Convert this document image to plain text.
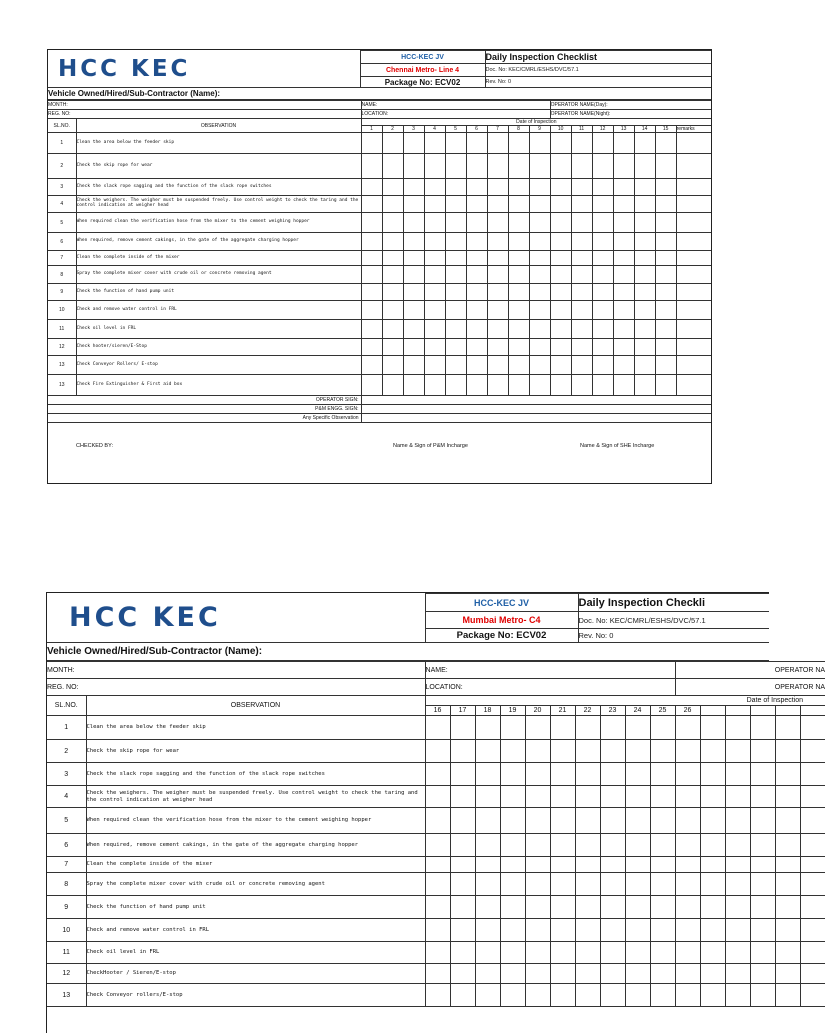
HCC KEC	HCC-KEC JV	Daily Inspection Checklist
	Chennai Metro- Line 4	Doc. No: KEC/CMRL/ESHS/DVC/57.1
	Package No: ECV02	Rev. No: 0
Vehicle Owned/Hired/Sub-Contractor (Name):
MONTH:		NAME:									OPERATOR NAME(Day):						
REG. NO:		LOCATION:									OPERATOR NAME(Night):						
SL.NO.	OBSERVATION	Date of Inspection															
		1	2	3	4	5	6	7	8	9	10	11	12	13	14	15	remarks
1	Clean the area below the feeder skip																
2	Check the skip rope for wear																
3	Check the slack rope sagging and the function of the slack rope switches																
4	Check the weighers. The weigher must be suspended freely. Use control weight to check the taring and the control indication at weigher head																
5	When required clean the verification hose from the mixer to the cement weighing hopper																
6	When required, remove cement cakings, in the gate of the aggregate charging hopper																
7	Clean the complete inside of the mixer																
8	Spray the complete mixer cover with crude oil or concrete removing agent																
9	Check the function of hand pump unit																
10	Check and remove water control in FRL																
11	Check oil level in FRL																
12	Check hooter/sieren/E-Stop																
13	Check Conveyor Rollers/ E-stop																
13	Check Fire Extinguisher & First aid box																
OPERATOR SIGN:																	
P&M ENGG. SIGN:																	
Any Specific Observation																	
CHECKED BY:	Name & Sign of P&M Incharge	Name & Sign of SHE Incharge
HCC KEC	HCC-KEC JV	Daily Inspection Checkli
	Mumbai Metro- C4	Doc. No: KEC/CMRL/ESHS/DVC/57.1
	Package No: ECV02	Rev. No: 0
Vehicle Owned/Hired/Sub-Contractor (Name):
MONTH:		NAME:										OPERATOR NA					
REG. NO:		LOCATION:										OPERATOR NA					
SL.NO.	OBSERVATION	Date of Inspection															
		16	17	18	19	20	21	22	23	24	25	26					
1	Clean the area below the feeder skip																
2	Check the skip rope for wear																
3	Check the slack rope sagging and the function of the slack rope switches																
4	Check the weighers. The weigher must be suspended freely. Use control weight to check the taring and the control indication at weigher head																
5	When required clean the verification hose from the mixer to the cement weighing hopper																
6	When required, remove cement cakings, in the gate of the aggregate charging hopper																
7	Clean the complete inside of the mixer																
8	Spray the complete mixer cover with crude oil or concrete removing agent																
9	Check the function of hand pump unit																
10	Check and remove water control in FRL																
11	Check oil level in FRL																
12	CheckHooter / Sieren/E-stop																
13	Check Conveyor rollers/E-stop																
